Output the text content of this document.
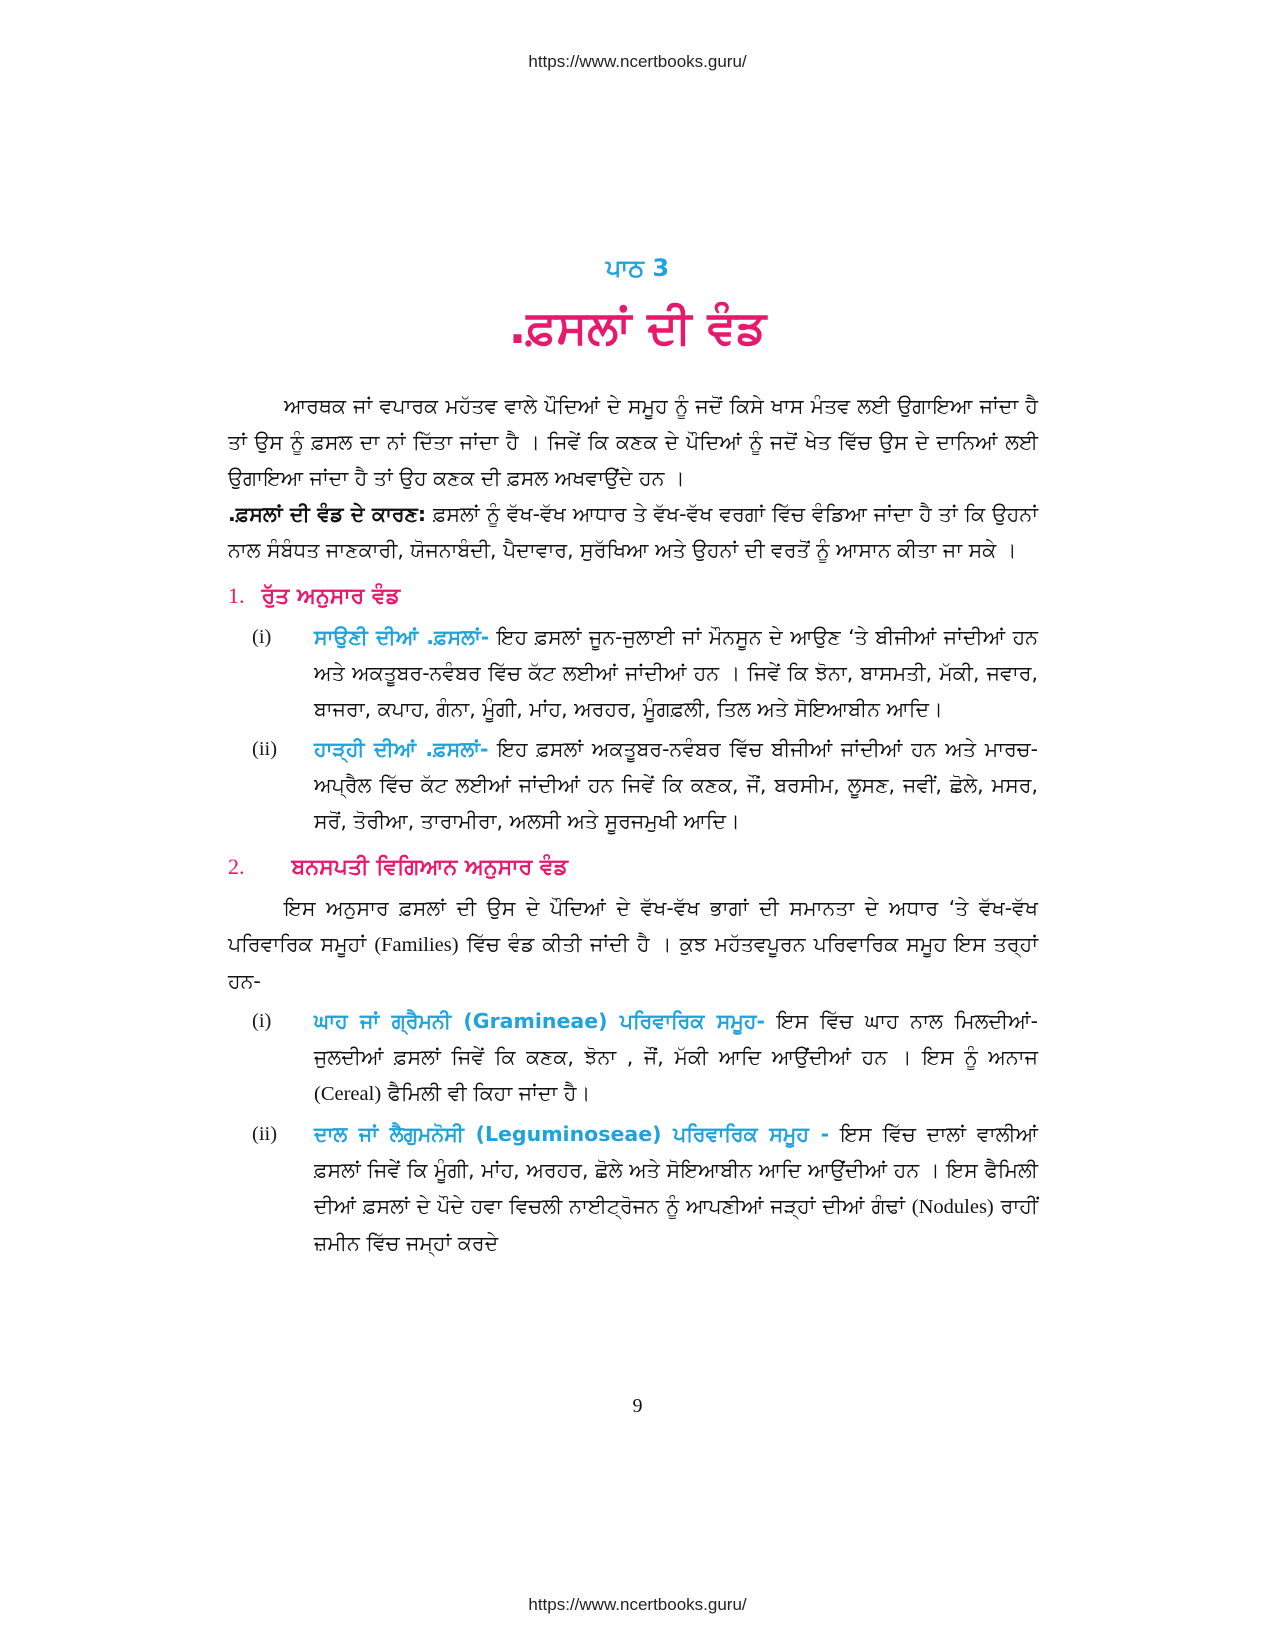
https://www.ncertbooks.guru/
ਪਾਠ 3
.ਫ਼ਸਲਾਂ ਦੀ ਵੰਡ

ਆਰਥਕ ਜਾਂ ਵਪਾਰਕ ਮਹੱਤਵ ਵਾਲੇ ਪੌਦਿਆਂ ਦੇ ਸਮੂਹ ਨੂੰ ਜਦੋਂ ਕਿਸੇ ਖਾਸ ਮੰਤਵ ਲਈ ਉਗਾਇਆ ਜਾਂਦਾ ਹੈ ਤਾਂ ਉਸ ਨੂੰ ਫ਼ਸਲ ਦਾ ਨਾਂ ਦਿੱਤਾ ਜਾਂਦਾ ਹੈ । ਜਿਵੇਂ ਕਿ ਕਣਕ ਦੇ ਪੌਦਿਆਂ ਨੂੰ ਜਦੋਂ ਖੇਤ ਵਿੱਚ ਉਸ ਦੇ ਦਾਨਿਆਂ ਲਈ ਉਗਾਇਆ ਜਾਂਦਾ ਹੈ ਤਾਂ ਉਹ ਕਣਕ ਦੀ ਫ਼ਸਲ ਅਖਵਾਉਂਦੇ ਹਨ ।

.ਫ਼ਸਲਾਂ ਦੀ ਵੰਡ ਦੇ ਕਾਰਣ: ਫ਼ਸਲਾਂ ਨੂੰ ਵੱਖ-ਵੱਖ ਆਧਾਰ ਤੇ ਵੱਖ-ਵੱਖ ਵਰਗਾਂ ਵਿੱਚ ਵੰਡਿਆ ਜਾਂਦਾ ਹੈ ਤਾਂ ਕਿ ਉਹਨਾਂ ਨਾਲ ਸੰਬੰਧਤ ਜਾਣਕਾਰੀ, ਯੋਜਨਾਬੰਦੀ, ਪੈਦਾਵਾਰ, ਸੁਰੱਖਿਆ ਅਤੇ ਉਹਨਾਂ ਦੀ ਵਰਤੋਂ ਨੂੰ ਆਸਾਨ ਕੀਤਾ ਜਾ ਸਕੇ ।

1. ਰੁੱਤ ਅਨੁਸਾਰ ਵੰਡ
(i)	ਸਾਉਣੀ ਦੀਆਂ .ਫ਼ਸਲਾਂ- ਇਹ ਫ਼ਸਲਾਂ ਜੂਨ-ਜੁਲਾਈ ਜਾਂ ਮੌਨਸੂਨ ਦੇ ਆਉਣ ‘ਤੇ ਬੀਜੀਆਂ ਜਾਂਦੀਆਂ ਹਨ ਅਤੇ ਅਕਤੂਬਰ-ਨਵੰਬਰ ਵਿੱਚ ਕੱਟ ਲਈਆਂ ਜਾਂਦੀਆਂ ਹਨ । ਜਿਵੇਂ ਕਿ ਝੋਨਾ, ਬਾਸਮਤੀ, ਮੱਕੀ, ਜਵਾਰ, ਬਾਜਰਾ, ਕਪਾਹ, ਗੰਨਾ, ਮੂੰਗੀ, ਮਾਂਹ, ਅਰਹਰ, ਮੂੰਗਫ਼ਲੀ, ਤਿਲ ਅਤੇ ਸੋਇਆਬੀਨ ਆਦਿ।
(ii)	ਹਾੜ੍ਹੀ ਦੀਆਂ .ਫ਼ਸਲਾਂ- ਇਹ ਫ਼ਸਲਾਂ ਅਕਤੂਬਰ-ਨਵੰਬਰ ਵਿੱਚ ਬੀਜੀਆਂ ਜਾਂਦੀਆਂ ਹਨ ਅਤੇ ਮਾਰਚ-ਅਪ੍ਰੈਲ ਵਿੱਚ ਕੱਟ ਲਈਆਂ ਜਾਂਦੀਆਂ ਹਨ ਜਿਵੇਂ ਕਿ ਕਣਕ, ਜੌਂ, ਬਰਸੀਮ, ਲੂਸਣ, ਜਵੀਂ, ਛੋਲੇ, ਮਸਰ, ਸਰੋਂ, ਤੋਰੀਆ, ਤਾਰਾਮੀਰਾ, ਅਲਸੀ ਅਤੇ ਸੂਰਜਮੁਖੀ ਆਦਿ।
2. ਬਨਸਪਤੀ ਵਿਗਿਆਨ ਅਨੁਸਾਰ ਵੰਡ

ਇਸ ਅਨੁਸਾਰ ਫ਼ਸਲਾਂ ਦੀ ਉਸ ਦੇ ਪੌਦਿਆਂ ਦੇ ਵੱਖ-ਵੱਖ ਭਾਗਾਂ ਦੀ ਸਮਾਨਤਾ ਦੇ ਅਧਾਰ ‘ਤੇ ਵੱਖ-ਵੱਖ ਪਰਿਵਾਰਿਕ ਸਮੂਹਾਂ (Families) ਵਿੱਚ ਵੰਡ ਕੀਤੀ ਜਾਂਦੀ ਹੈ । ਕੁਝ ਮਹੱਤਵਪੂਰਨ ਪਰਿਵਾਰਿਕ ਸਮੂਹ ਇਸ ਤਰ੍ਹਾਂ ਹਨ-

(i)	ਘਾਹ ਜਾਂ ਗ੍ਰੈਮਨੀ (Gramineae) ਪਰਿਵਾਰਿਕ ਸਮੂਹ- ਇਸ ਵਿੱਚ ਘਾਹ ਨਾਲ ਮਿਲਦੀਆਂ-ਜੁਲਦੀਆਂ ਫ਼ਸਲਾਂ ਜਿਵੇਂ ਕਿ ਕਣਕ, ਝੋਨਾ , ਜੌਂ, ਮੱਕੀ ਆਦਿ ਆਉਂਦੀਆਂ ਹਨ । ਇਸ ਨੂੰ ਅਨਾਜ (Cereal) ਫੈਮਿਲੀ ਵੀ ਕਿਹਾ ਜਾਂਦਾ ਹੈ।
(ii)	ਦਾਲ ਜਾਂ ਲੈਗੁਮਨੋਸੀ (Leguminoseae) ਪਰਿਵਾਰਿਕ ਸਮੂਹ - ਇਸ ਵਿੱਚ ਦਾਲਾਂ ਵਾਲੀਆਂ ਫ਼ਸਲਾਂ ਜਿਵੇਂ ਕਿ ਮੂੰਗੀ, ਮਾਂਹ, ਅਰਹਰ, ਛੋਲੇ ਅਤੇ ਸੋਇਆਬੀਨ ਆਦਿ ਆਉਂਦੀਆਂ ਹਨ । ਇਸ ਫੈਮਿਲੀ ਦੀਆਂ ਫ਼ਸਲਾਂ ਦੇ ਪੌਦੇ ਹਵਾ ਵਿਚਲੀ ਨਾਈਟ੍ਰੋਜਨ ਨੂੰ ਆਪਣੀਆਂ ਜੜ੍ਹਾਂ ਦੀਆਂ ਗੰਢਾਂ (Nodules) ਰਾਹੀਂ ਜ਼ਮੀਨ ਵਿੱਚ ਜਮ੍ਹਾਂ ਕਰਦੇ
9
https://www.ncertbooks.guru/
